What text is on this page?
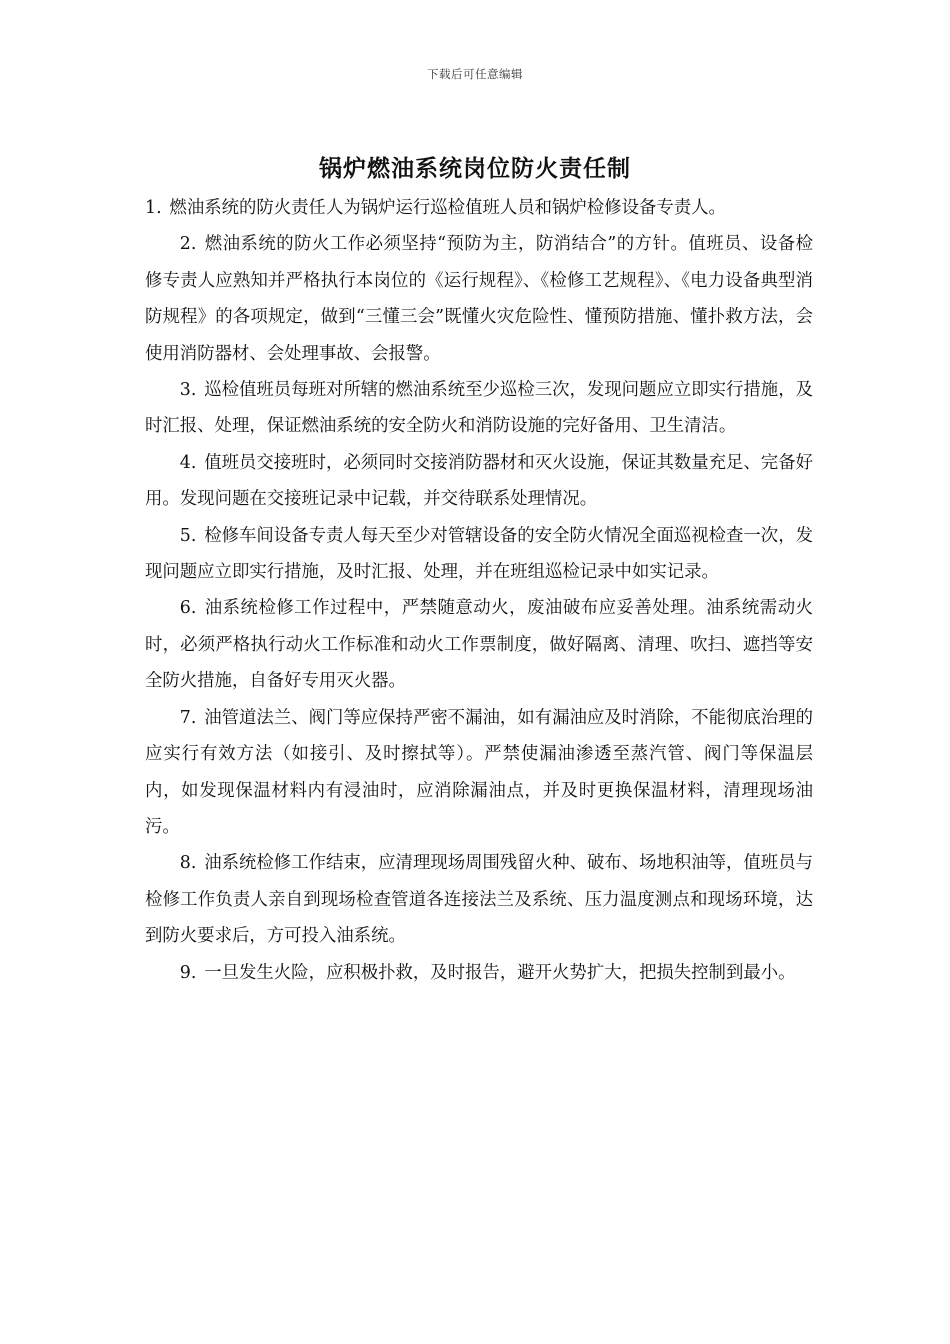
下载后可任意编辑
锅炉燃油系统岗位防火责任制

1. 燃油系统的防火责任人为锅炉运行巡检值班人员和锅炉检修设备专责人。

2. 燃油系统的防火工作必须坚持“预防为主，防消结合”的方针。值班员、设备检修专责人应熟知并严格执行本岗位的《运行规程》、《检修工艺规程》、《电力设备典型消防规程》的各项规定，做到“三懂三会”既懂火灾危险性、懂预防措施、懂扑救方法，会使用消防器材、会处理事故、会报警。

3. 巡检值班员每班对所辖的燃油系统至少巡检三次，发现问题应立即实行措施，及时汇报、处理，保证燃油系统的安全防火和消防设施的完好备用、卫生清洁。

4. 值班员交接班时，必须同时交接消防器材和灭火设施，保证其数量充足、完备好用。发现问题在交接班记录中记载，并交待联系处理情况。

5. 检修车间设备专责人每天至少对管辖设备的安全防火情况全面巡视检查一次，发现问题应立即实行措施，及时汇报、处理，并在班组巡检记录中如实记录。

6. 油系统检修工作过程中，严禁随意动火，废油破布应妥善处理。油系统需动火时，必须严格执行动火工作标准和动火工作票制度，做好隔离、清理、吹扫、遮挡等安全防火措施，自备好专用灭火器。

7. 油管道法兰、阀门等应保持严密不漏油，如有漏油应及时消除，不能彻底治理的应实行有效方法（如接引、及时擦拭等）。严禁使漏油渗透至蒸汽管、阀门等保温层内，如发现保温材料内有浸油时，应消除漏油点，并及时更换保温材料，清理现场油污。

8. 油系统检修工作结束，应清理现场周围残留火种、破布、场地积油等，值班员与检修工作负责人亲自到现场检查管道各连接法兰及系统、压力温度测点和现场环境，达到防火要求后，方可投入油系统。

9. 一旦发生火险，应积极扑救，及时报告，避开火势扩大，把损失控制到最小。
